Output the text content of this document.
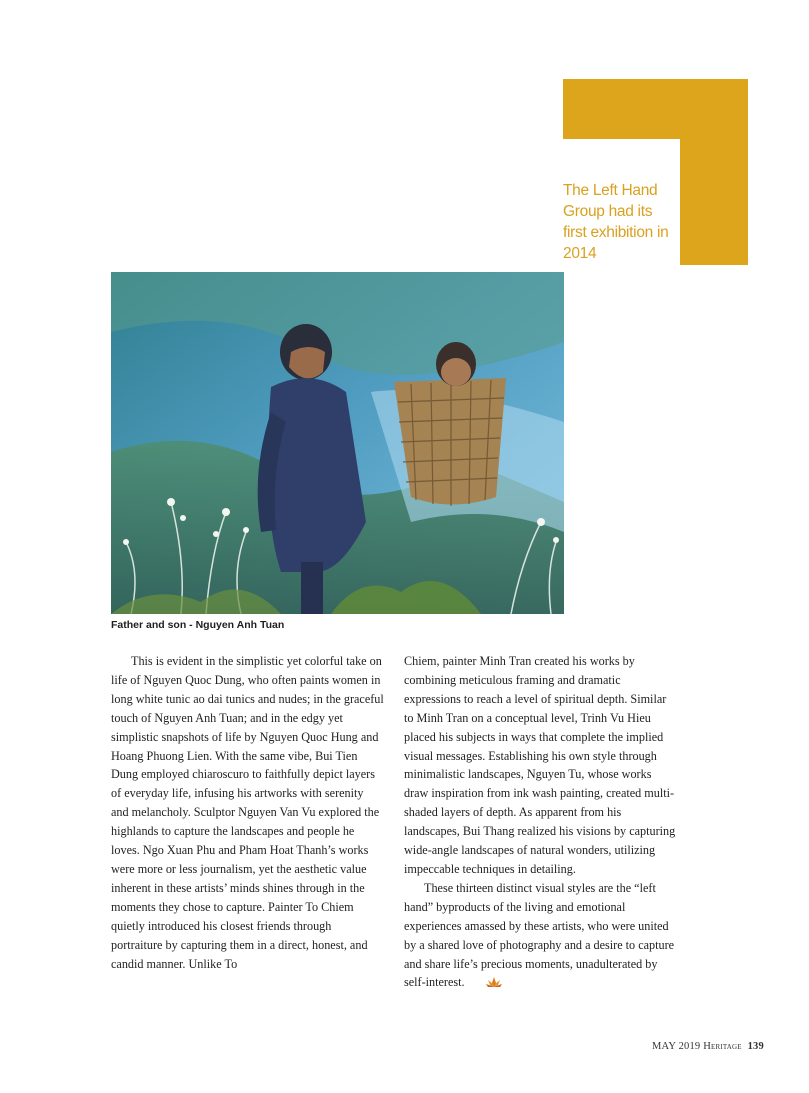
The Left Hand Group had its first exhibition in 2014
Father and son - Nguyen Anh Tuan

This is evident in the simplistic yet colorful take on life of Nguyen Quoc Dung, who often paints women in long white tunic ao dai tunics and nudes; in the graceful touch of Nguyen Anh Tuan; and in the edgy yet simplistic snapshots of life by Nguyen Quoc Hung and Hoang Phuong Lien. With the same vibe, Bui Tien Dung employed chiaroscuro to faithfully depict layers of everyday life, infusing his artworks with serenity and melancholy. Sculptor Nguyen Van Vu explored the highlands to capture the landscapes and people he loves. Ngo Xuan Phu and Pham Hoat Thanh’s works were more or less journalism, yet the aesthetic value inherent in these artists’ minds shines through in the moments they chose to capture. Painter To Chiem quietly introduced his closest friends through portraiture by capturing them in a direct, honest, and candid manner. Unlike To

Chiem, painter Minh Tran created his works by combining meticulous framing and dramatic expressions to reach a level of spiritual depth. Similar to Minh Tran on a conceptual level, Trinh Vu Hieu placed his subjects in ways that complete the implied visual messages. Establishing his own style through minimalistic landscapes, Nguyen Tu, whose works draw inspiration from ink wash painting, created multi-shaded layers of depth. As apparent from his landscapes, Bui Thang realized his visions by capturing wide-angle landscapes of natural wonders, utilizing impeccable techniques in detailing.

These thirteen distinct visual styles are the “left hand” byproducts of the living and emotional experiences amassed by these artists, who were united by a shared love of photography and a desire to capture and share life’s precious moments, unadulterated by self-interest.

MAY 2019 Heritage 139
